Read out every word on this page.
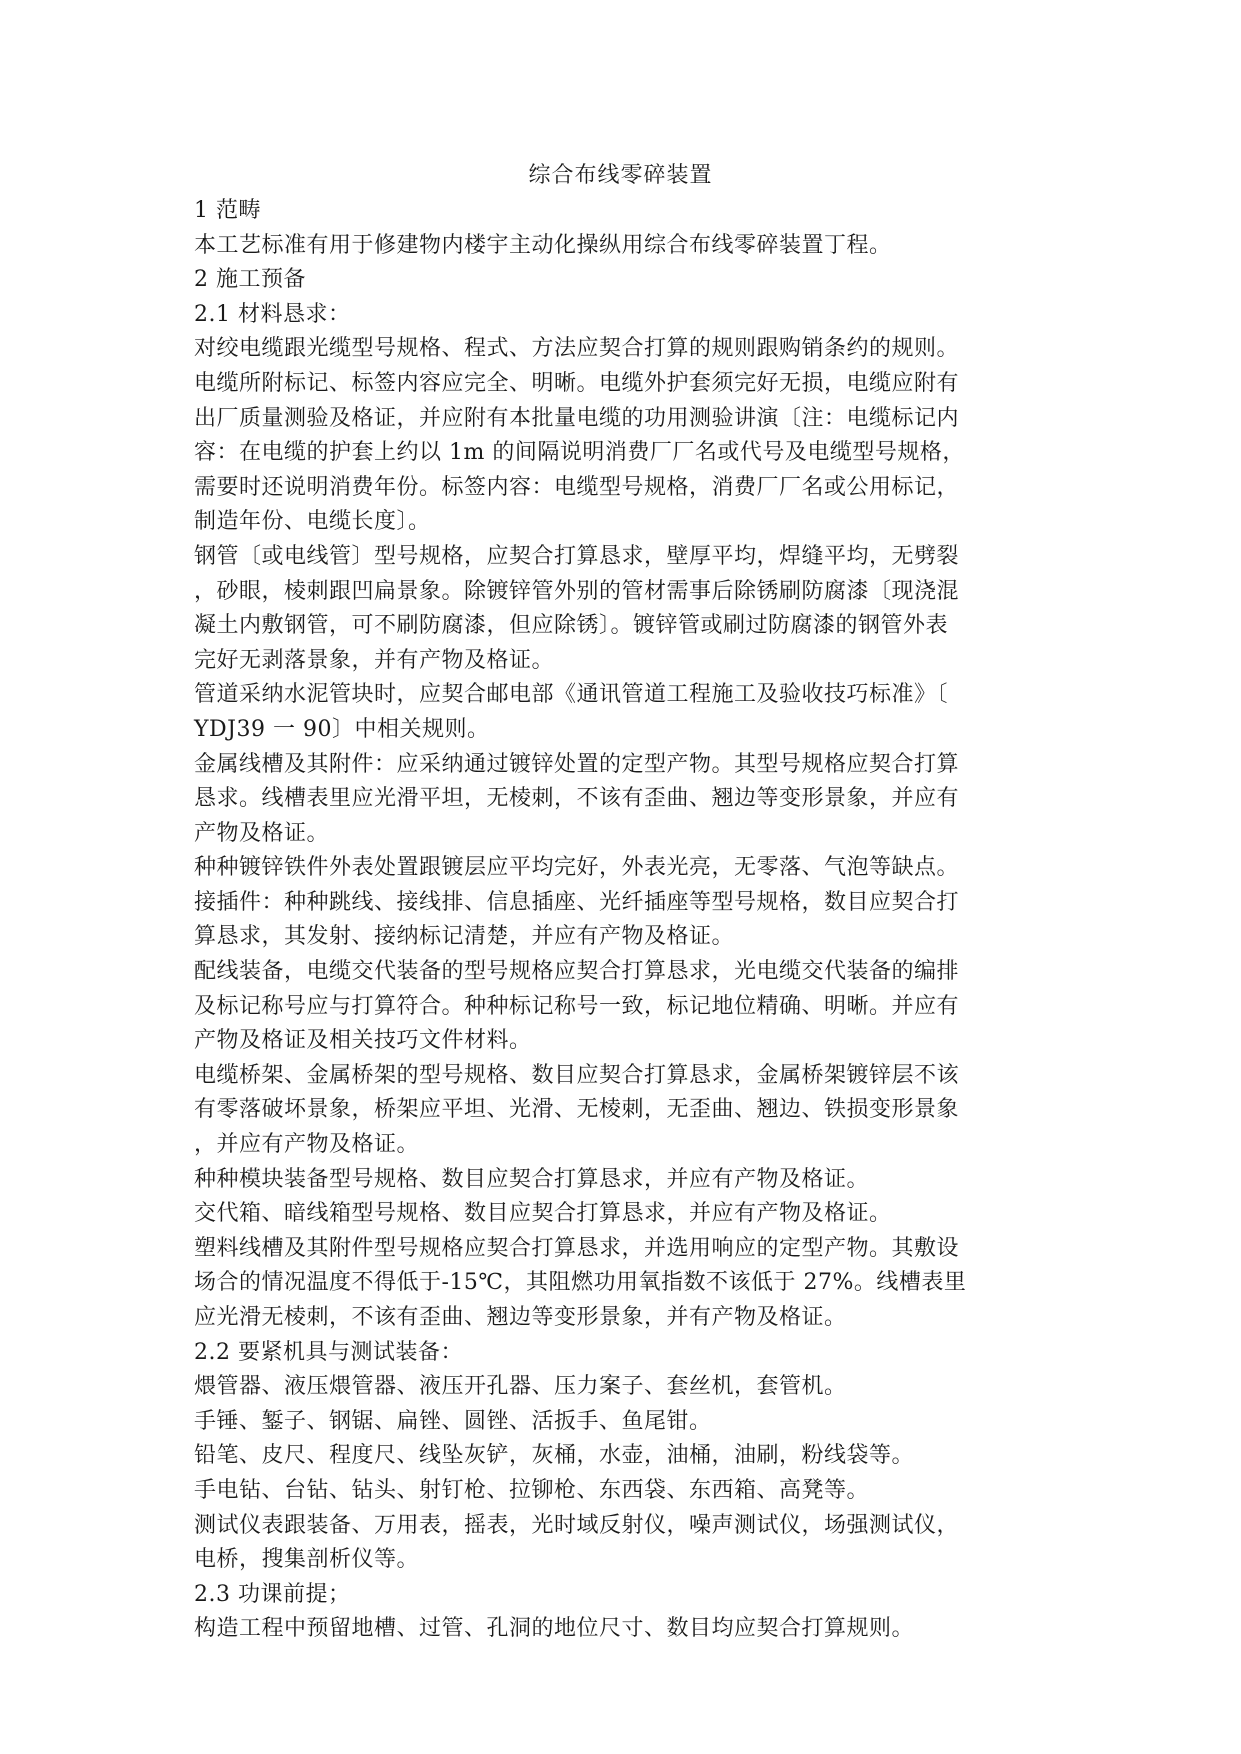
综合布线零碎装置

1 范畴

本工艺标准有用于修建物内楼宇主动化操纵用综合布线零碎装置丁程。

2 施工预备

2.1 材料恳求：

对绞电缆跟光缆型号规格、程式、方法应契合打算的规则跟购销条约的规则。

电缆所附标记、标签内容应完全、明晰。电缆外护套须完好无损，电缆应附有

出厂质量测验及格证，并应附有本批量电缆的功用测验讲演〔注：电缆标记内

容：在电缆的护套上约以 1m 的间隔说明消费厂厂名或代号及电缆型号规格，

需要时还说明消费年份。标签内容：电缆型号规格，消费厂厂名或公用标记，

制造年份、电缆长度〕。

钢管〔或电线管〕型号规格，应契合打算恳求，壁厚平均，焊缝平均，无劈裂

，砂眼，棱刺跟凹扁景象。除镀锌管外别的管材需事后除锈刷防腐漆〔现浇混

凝土内敷钢管，可不刷防腐漆，但应除锈〕。镀锌管或刷过防腐漆的钢管外表

完好无剥落景象，并有产物及格证。

管道采纳水泥管块时，应契合邮电部《通讯管道工程施工及验收技巧标准》〔

YDJ39 一 90〕中相关规则。

金属线槽及其附件：应采纳通过镀锌处置的定型产物。其型号规格应契合打算

恳求。线槽表里应光滑平坦，无棱刺，不该有歪曲、翘边等变形景象，并应有

产物及格证。

种种镀锌铁件外表处置跟镀层应平均完好，外表光亮，无零落、气泡等缺点。

接插件：种种跳线、接线排、信息插座、光纤插座等型号规格，数目应契合打

算恳求，其发射、接纳标记清楚，并应有产物及格证。

配线装备，电缆交代装备的型号规格应契合打算恳求，光电缆交代装备的编排

及标记称号应与打算符合。种种标记称号一致，标记地位精确、明晰。并应有

产物及格证及相关技巧文件材料。

电缆桥架、金属桥架的型号规格、数目应契合打算恳求，金属桥架镀锌层不该

有零落破坏景象，桥架应平坦、光滑、无棱刺，无歪曲、翘边、铁损变形景象

，并应有产物及格证。

种种模块装备型号规格、数目应契合打算恳求，并应有产物及格证。

交代箱、暗线箱型号规格、数目应契合打算恳求，并应有产物及格证。

塑料线槽及其附件型号规格应契合打算恳求，并选用响应的定型产物。其敷设

场合的情况温度不得低于-15℃，其阻燃功用氧指数不该低于 27%。线槽表里

应光滑无棱刺，不该有歪曲、翘边等变形景象，并有产物及格证。

2.2 要紧机具与测试装备：

煨管器、液压煨管器、液压开孔器、压力案子、套丝机，套管机。

手锤、錾子、钢锯、扁锉、圆锉、活扳手、鱼尾钳。

铅笔、皮尺、程度尺、线坠灰铲，灰桶，水壶，油桶，油刷，粉线袋等。

手电钻、台钻、钻头、射钉枪、拉铆枪、东西袋、东西箱、高凳等。

测试仪表跟装备、万用表，摇表，光时域反射仪，噪声测试仪，场强测试仪，

电桥，搜集剖析仪等。

2.3 功课前提；

构造工程中预留地槽、过管、孔洞的地位尺寸、数目均应契合打算规则。
